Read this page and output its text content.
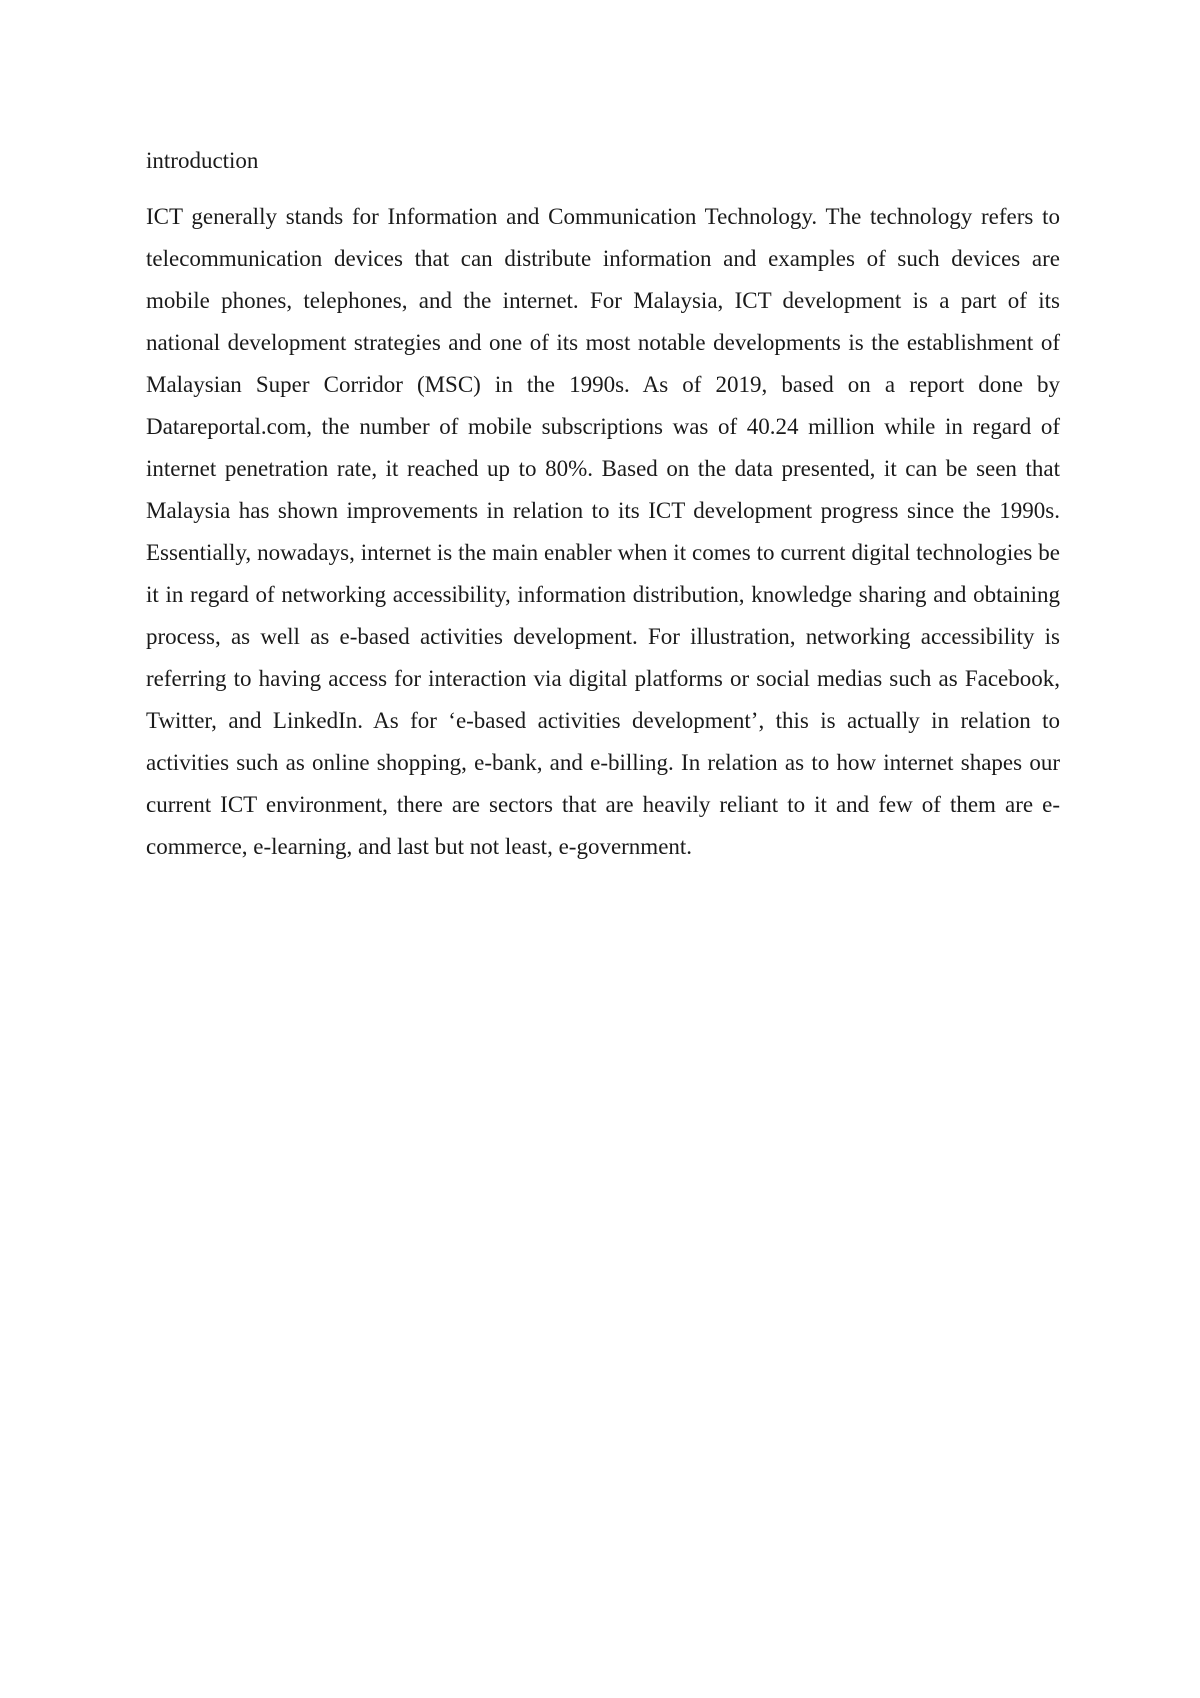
introduction

ICT generally stands for Information and Communication Technology. The technology refers to telecommunication devices that can distribute information and examples of such devices are mobile phones, telephones, and the internet. For Malaysia, ICT development is a part of its national development strategies and one of its most notable developments is the establishment of Malaysian Super Corridor (MSC) in the 1990s. As of 2019, based on a report done by Datareportal.com, the number of mobile subscriptions was of 40.24 million while in regard of internet penetration rate, it reached up to 80%. Based on the data presented, it can be seen that Malaysia has shown improvements in relation to its ICT development progress since the 1990s. Essentially, nowadays, internet is the main enabler when it comes to current digital technologies be it in regard of networking accessibility, information distribution, knowledge sharing and obtaining process, as well as e-based activities development. For illustration, networking accessibility is referring to having access for interaction via digital platforms or social medias such as Facebook, Twitter, and LinkedIn. As for ‘e-based activities development’, this is actually in relation to activities such as online shopping, e-bank, and e-billing. In relation as to how internet shapes our current ICT environment, there are sectors that are heavily reliant to it and few of them are e-commerce, e-learning, and last but not least, e-government.
